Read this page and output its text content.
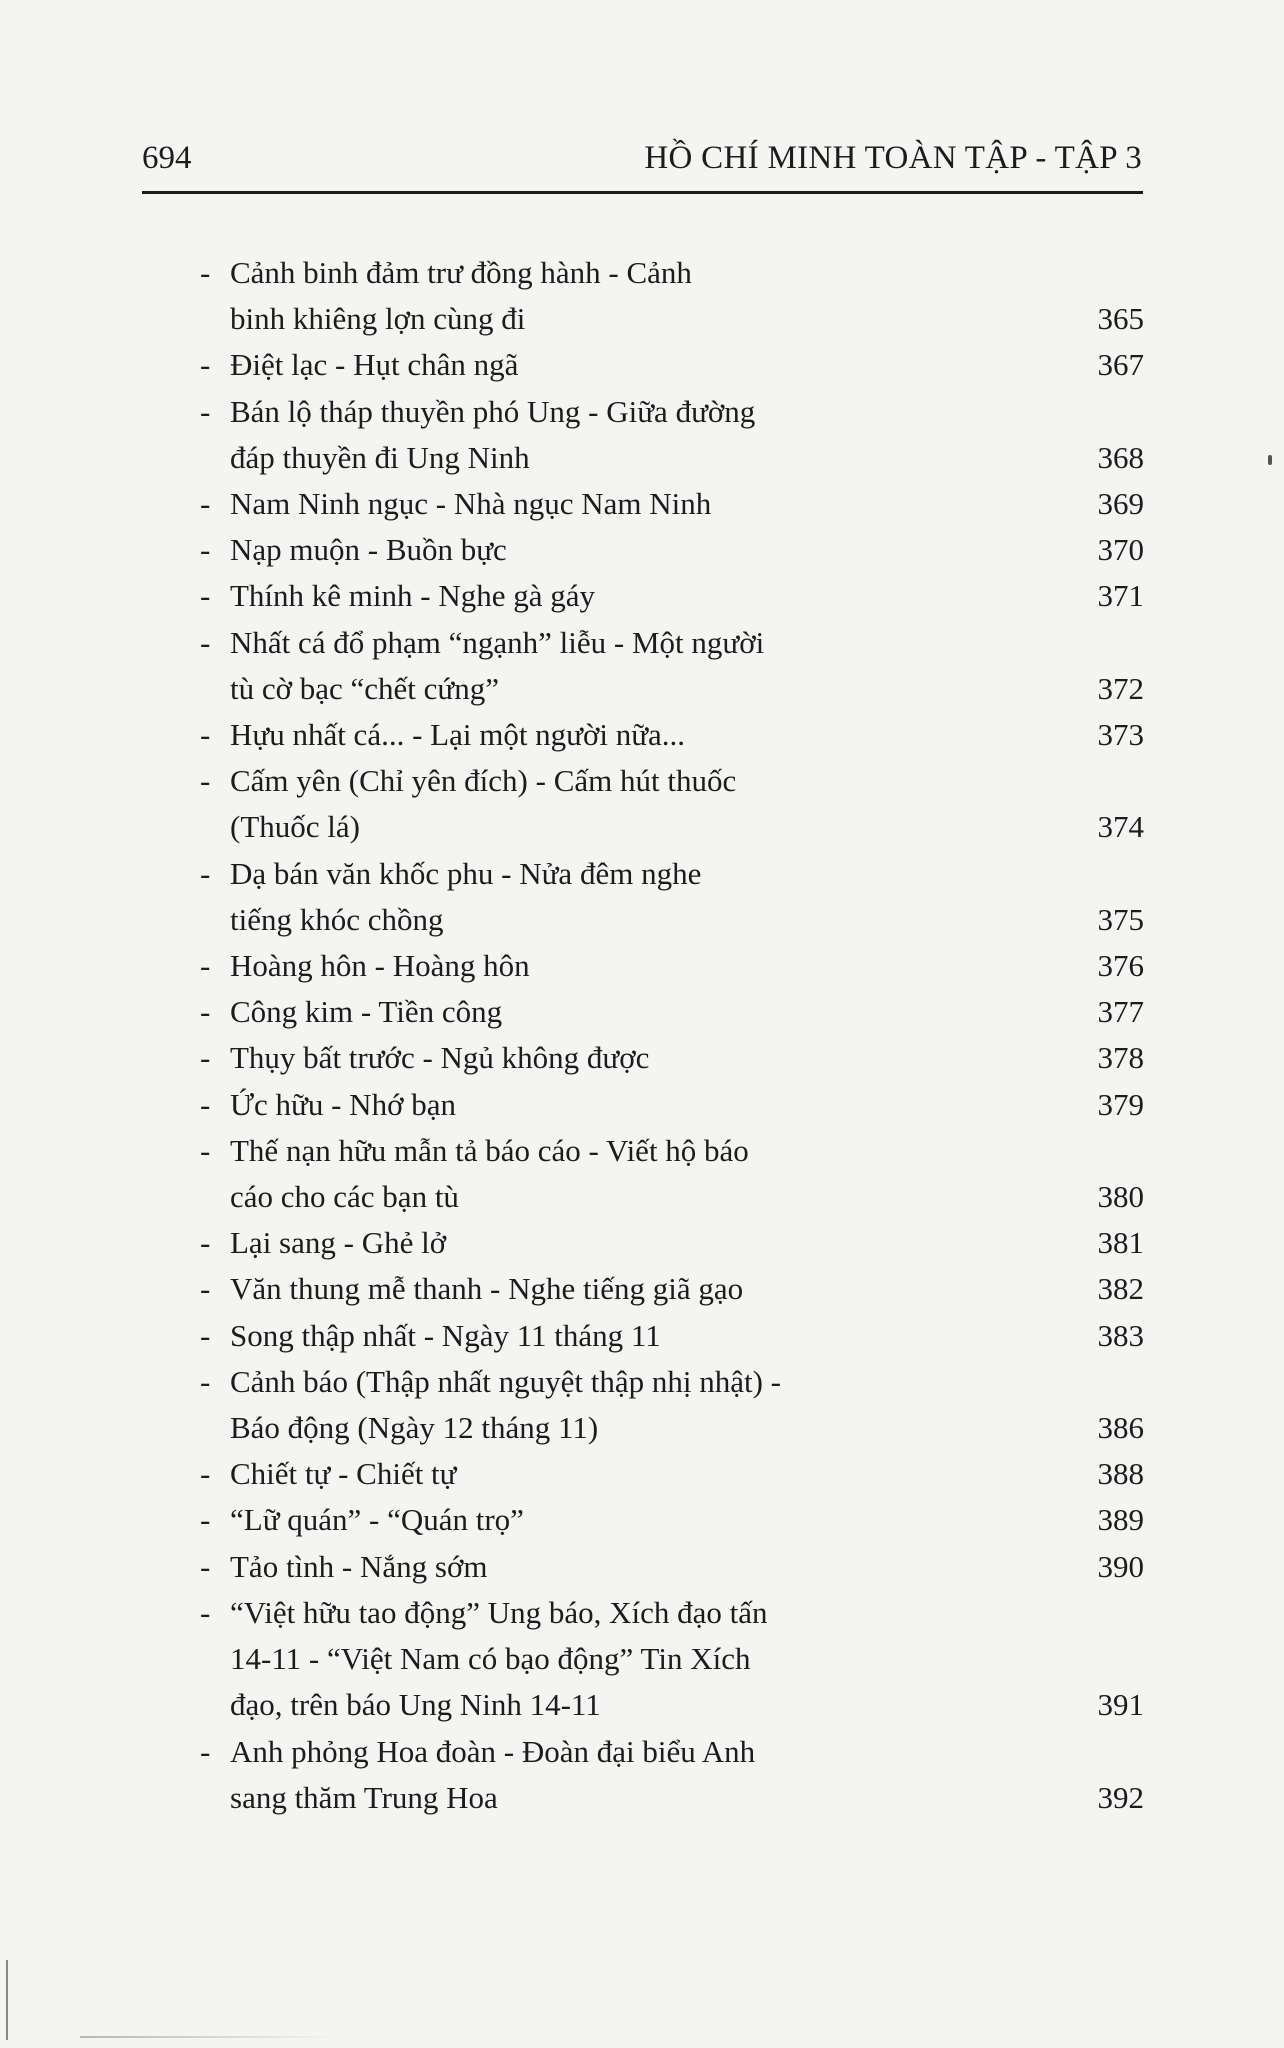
694	HỒ CHÍ MINH TOÀN TẬP - TẬP 3
- Cảnh binh đảm trư đồng hành - Cảnh
binh khiêng lợn cùng đi	365
- Điệt lạc - Hụt chân ngã	367
- Bán lộ tháp thuyền phó Ung - Giữa đường
đáp thuyền đi Ung Ninh	368
- Nam Ninh ngục - Nhà ngục Nam Ninh	369
- Nạp muộn - Buồn bực	370
- Thính kê minh - Nghe gà gáy	371
- Nhất cá đổ phạm “ngạnh” liễu - Một người
tù cờ bạc “chết cứng”	372
- Hựu nhất cá... - Lại một người nữa...	373
- Cấm yên (Chỉ yên đích) - Cấm hút thuốc
(Thuốc lá)	374
- Dạ bán văn khốc phu - Nửa đêm nghe
tiếng khóc chồng	375
- Hoàng hôn - Hoàng hôn	376
- Công kim - Tiền công	377
- Thụy bất trước - Ngủ không được	378
- Ức hữu - Nhớ bạn	379
- Thế nạn hữu mẫn tả báo cáo - Viết hộ báo
cáo cho các bạn tù	380
- Lại sang - Ghẻ lở	381
- Văn thung mễ thanh - Nghe tiếng giã gạo	382
- Song thập nhất - Ngày 11 tháng 11	383
- Cảnh báo (Thập nhất nguyệt thập nhị nhật) -
Báo động (Ngày 12 tháng 11)	386
- Chiết tự - Chiết tự	388
- “Lữ quán” - “Quán trọ”	389
- Tảo tình - Nắng sớm	390
- “Việt hữu tao động” Ung báo, Xích đạo tấn
14-11 - “Việt Nam có bạo động” Tin Xích
đạo, trên báo Ung Ninh 14-11	391
- Anh phỏng Hoa đoàn - Đoàn đại biểu Anh
sang thăm Trung Hoa	392
